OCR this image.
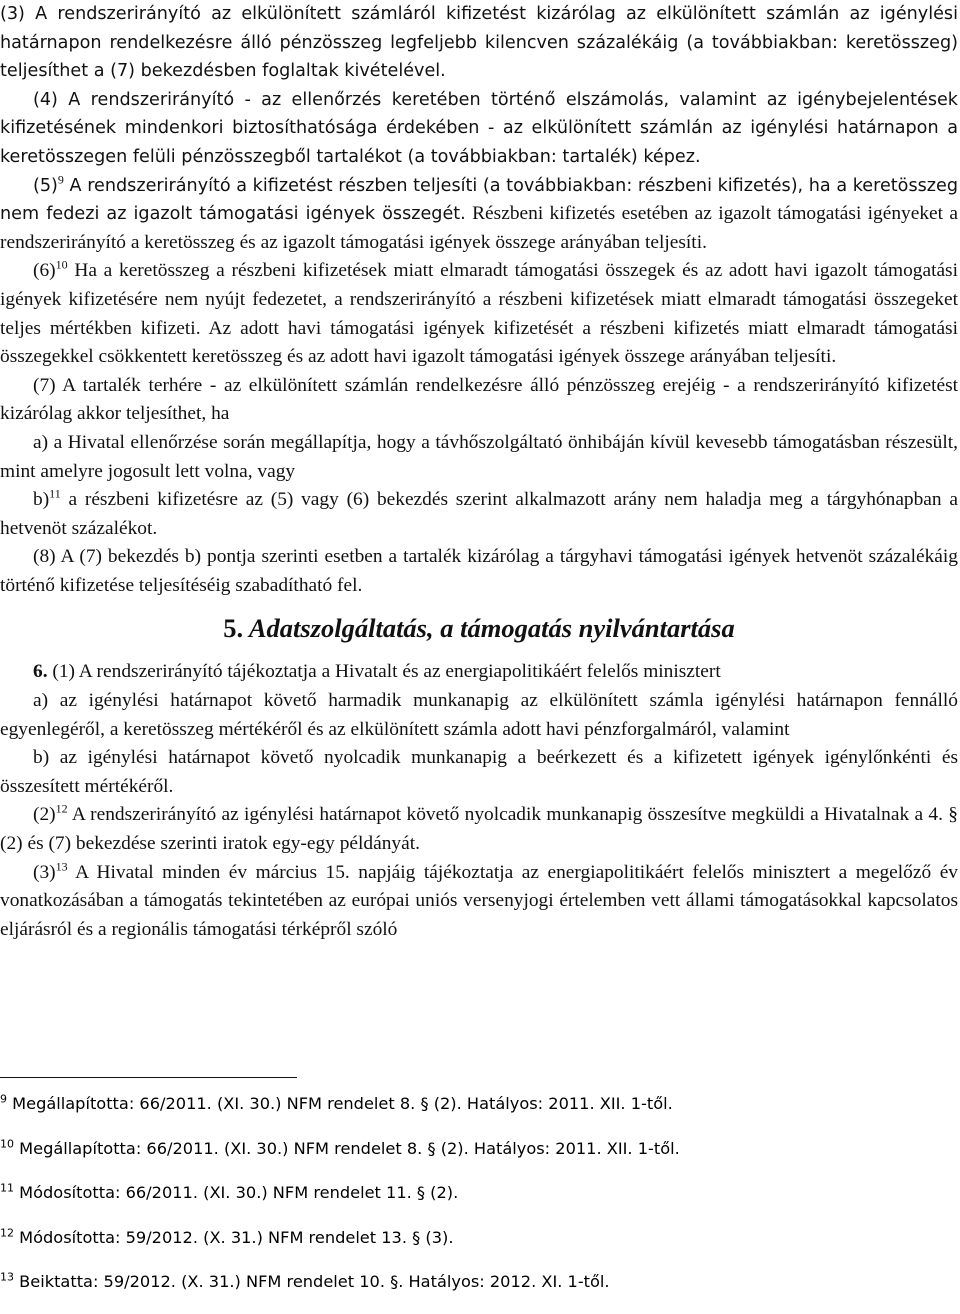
(3) A rendszerirányító az elkülönített számláról kifizetést kizárólag az elkülönített számlán az igénylési határnapon rendelkezésre álló pénzösszeg legfeljebb kilencven százalékáig (a továbbiakban: keretösszeg) teljesíthet a (7) bekezdésben foglaltak kivételével.

(4) A rendszerirányító - az ellenőrzés keretében történő elszámolás, valamint az igénybejelentések kifizetésének mindenkori biztosíthatósága érdekében - az elkülönített számlán az igénylési határnapon a keretösszegen felüli pénzösszegből tartalékot (a továbbiakban: tartalék) képez.

$(5)^9$ A rendszerirányító a kifizetést részben teljesíti (a továbbiakban: részbeni kifizetés), ha a keretösszeg nem fedezi az igazolt támogatási igények összegét. Részbeni kifizetés esetében az igazolt támogatási igényeket a rendszerirányító a keretösszeg és az igazolt támogatási igények összege arányában teljesíti.

$(6)^{10}$ Ha a keretösszeg a részbeni kifizetések miatt elmaradt támogatási összegek és az adott havi igazolt támogatási igények kifizetésére nem nyújt fedezetet, a rendszerirányító a részbeni kifizetések miatt elmaradt támogatási összegeket teljes mértékben kifizeti. Az adott havi támogatási igények kifizetését a részbeni kifizetés miatt elmaradt támogatási összegekkel csökkentett keretösszeg és az adott havi igazolt támogatási igények összege arányában teljesíti.

(7) A tartalék terhére - az elkülönített számlán rendelkezésre álló pénzösszeg erejéig - a rendszerirányító kifizetést kizárólag akkor teljesíthet, ha

a) a Hivatal ellenőrzése során megállapítja, hogy a távhőszolgáltató önhibáján kívül kevesebb támogatásban részesült, mint amelyre jogosult lett volna, vagy

b)$^{11}$ a részbeni kifizetésre az (5) vagy (6) bekezdés szerint alkalmazott arány nem haladja meg a tárgyhónapban a hetvenöt százalékot.

(8) A (7) bekezdés b) pontja szerinti esetben a tartalék kizárólag a tárgyhavi támogatási igények hetvenöt százalékáig történő kifizetése teljesítéséig szabadítható fel.

5. Adatszolgáltatás, a támogatás nyilvántartása

6. (1) A rendszerirányító tájékoztatja a Hivatalt és az energiapolitikáért felelős minisztert

a) az igénylési határnapot követő harmadik munkanapig az elkülönített számla igénylési határnapon fennálló egyenlegéről, a keretösszeg mértékéről és az elkülönített számla adott havi pénzforgalmáról, valamint

b) az igénylési határnapot követő nyolcadik munkanapig a beérkezett és a kifizetett igények igénylőnkénti és összesített mértékéről.

$(2)^{12}$ A rendszerirányító az igénylési határnapot követő nyolcadik munkanapig összesítve megküldi a Hivatalnak a 4. § (2) és (7) bekezdése szerinti iratok egy-egy példányát.

$(3)^{13}$ A Hivatal minden év március 15. napjáig tájékoztatja az energiapolitikáért felelős minisztert a megelőző év vonatkozásában a támogatás tekintetében az európai uniós versenyjogi értelemben vett állami támogatásokkal kapcsolatos eljárásról és a regionális támogatási térképről szóló

$^9$ Megállapította: 66/2011. (XI. 30.) NFM rendelet 8. § (2). Hatályos: 2011. XII. 1-től.

$^{10}$ Megállapította: 66/2011. (XI. 30.) NFM rendelet 8. § (2). Hatályos: 2011. XII. 1-től.

$^{11}$ Módosította: 66/2011. (XI. 30.) NFM rendelet 11. § (2).

$^{12}$ Módosította: 59/2012. (X. 31.) NFM rendelet 13. § (3).

$^{13}$ Beiktatta: 59/2012. (X. 31.) NFM rendelet 10. §. Hatályos: 2012. XI. 1-től.
